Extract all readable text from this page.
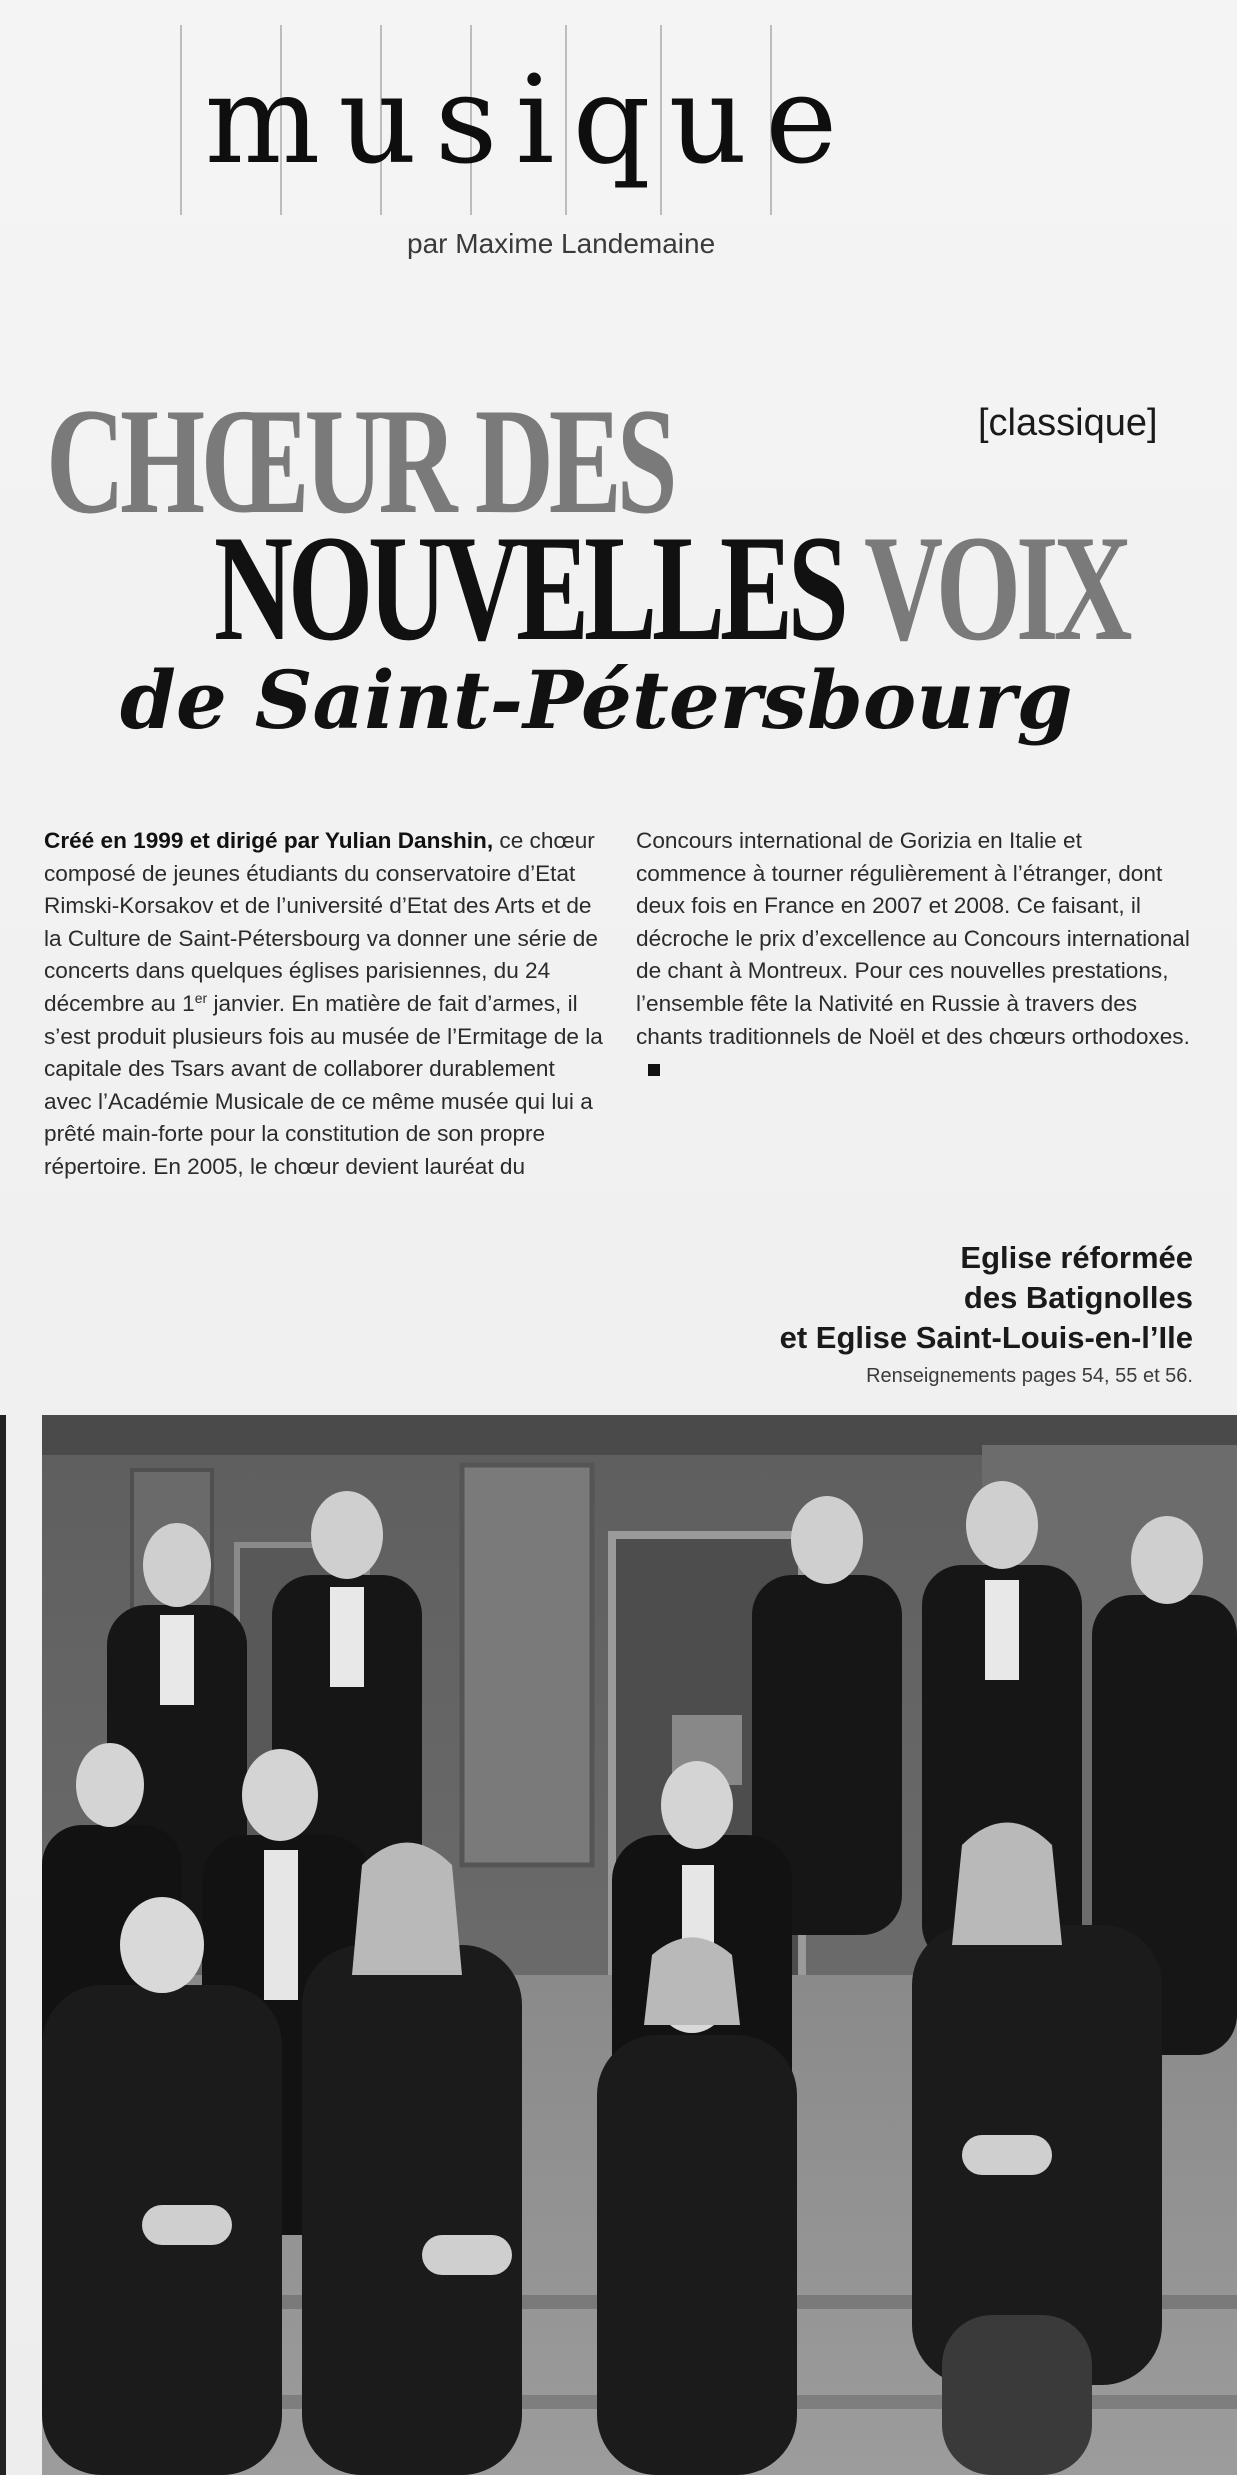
musique
par Maxime Landemaine
[classique]
CHŒUR DES
NOUVELLES VOIX
de Saint-Pétersbourg
Créé en 1999 et dirigé par Yulian Danshin, ce chœur composé de jeunes étudiants du conservatoire d’Etat Rimski-Korsakov et de l’université d’Etat des Arts et de la Culture de Saint-Pétersbourg va donner une série de concerts dans quelques églises parisiennes, du 24 décembre au 1er janvier. En matière de fait d’armes, il s’est produit plusieurs fois au musée de l’Ermitage de la capitale des Tsars avant de collaborer durablement avec l’Académie Musicale de ce même musée qui lui a prêté main-forte pour la constitution de son propre répertoire. En 2005, le chœur devient lauréat du
Concours international de Gorizia en Italie et commence à tourner régulièrement à l’étranger, dont deux fois en France en 2007 et 2008. Ce faisant, il décroche le prix d’excellence au Concours international de chant à Montreux. Pour ces nouvelles prestations, l’ensemble fête la Nativité en Russie à travers des chants traditionnels de Noël et des chœurs orthodoxes.
Eglise réformée
des Batignolles
et Eglise Saint-Louis-en-l’Ile
Renseignements pages 54, 55 et 56.
